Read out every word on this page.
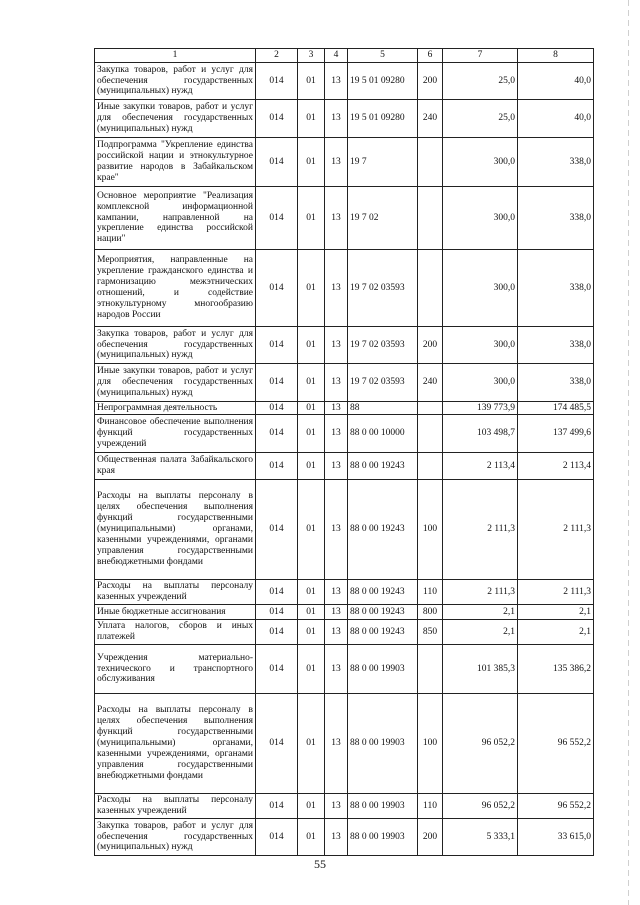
1	2	3	4	5	6	7	8
Закупка товаров, работ и услуг для обеспечения государственных (муниципальных) нужд	014	01	13	19 5 01 09280	200	25,0	40,0
Иные закупки товаров, работ и услуг для обеспечения государственных (муниципальных) нужд	014	01	13	19 5 01 09280	240	25,0	40,0
Подпрограмма "Укрепление единства российской нации и этнокультурное развитие народов в Забайкальском крае"	014	01	13	19 7		300,0	338,0
Основное мероприятие "Реализация комплексной информационной кампании, направленной на укрепление единства российской нации"	014	01	13	19 7 02		300,0	338,0
Мероприятия, направленные на укрепление гражданского единства и гармонизацию межэтнических отношений, и содействие этнокультурному многообразию народов России	014	01	13	19 7 02 03593		300,0	338,0
Закупка товаров, работ и услуг для обеспечения государственных (муниципальных) нужд	014	01	13	19 7 02 03593	200	300,0	338,0
Иные закупки товаров, работ и услуг для обеспечения государственных (муниципальных) нужд	014	01	13	19 7 02 03593	240	300,0	338,0
Непрограммная деятельность	014	01	13	88		139 773,9	174 485,5
Финансовое обеспечение выполнения функций государственных учреждений	014	01	13	88 0 00 10000		103 498,7	137 499,6
Общественная палата Забайкальского края	014	01	13	88 0 00 19243		2 113,4	2 113,4
Расходы на выплаты персоналу в целях обеспечения выполнения функций государственными (муниципальными) органами, казенными учреждениями, органами управления государственными внебюджетными фондами	014	01	13	88 0 00 19243	100	2 111,3	2 111,3
Расходы на выплаты персоналу казенных учреждений	014	01	13	88 0 00 19243	110	2 111,3	2 111,3
Иные бюджетные ассигнования	014	01	13	88 0 00 19243	800	2,1	2,1
Уплата налогов, сборов и иных платежей	014	01	13	88 0 00 19243	850	2,1	2,1
Учреждения материально-технического и транспортного обслуживания	014	01	13	88 0 00 19903		101 385,3	135 386,2
Расходы на выплаты персоналу в целях обеспечения выполнения функций государственными (муниципальными) органами, казенными учреждениями, органами управления государственными внебюджетными фондами	014	01	13	88 0 00 19903	100	96 052,2	96 552,2
Расходы на выплаты персоналу казенных учреждений	014	01	13	88 0 00 19903	110	96 052,2	96 552,2
Закупка товаров, работ и услуг для обеспечения государственных (муниципальных) нужд	014	01	13	88 0 00 19903	200	5 333,1	33 615,0
55
